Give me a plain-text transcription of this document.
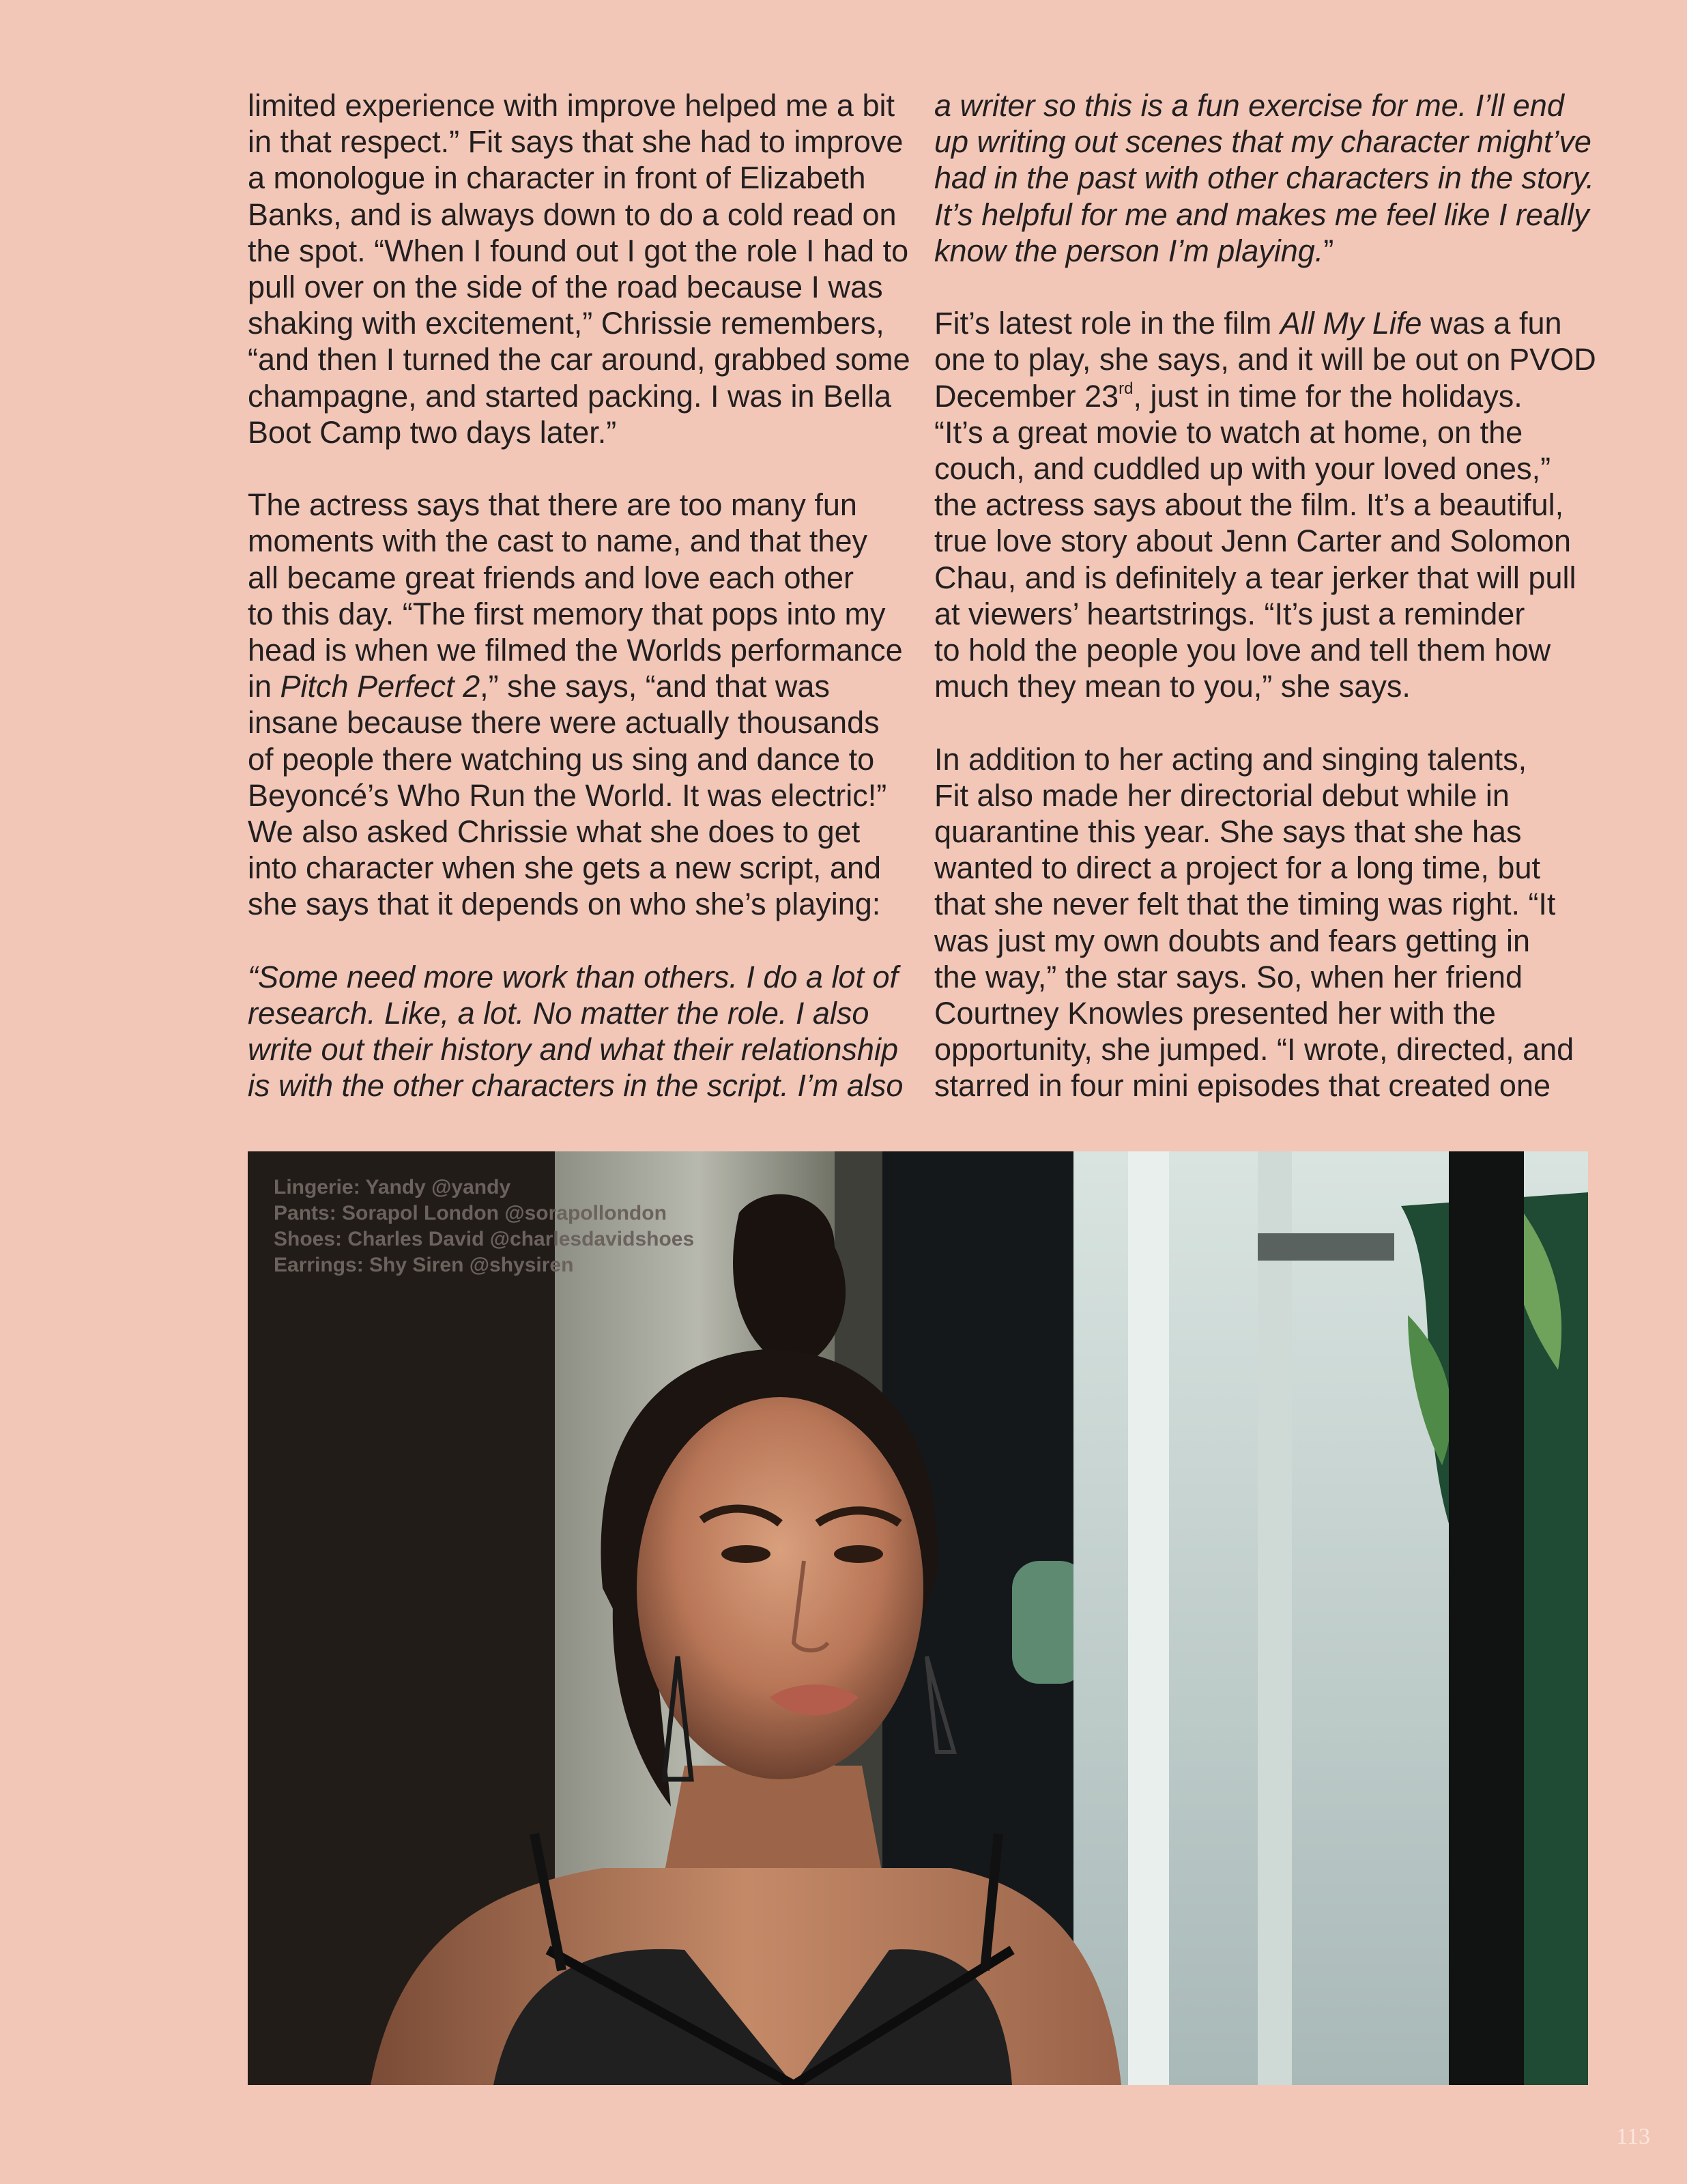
limited experience with improve helped me a bit
in that respect.” Fit says that she had to improve
a monologue in character in front of Elizabeth
Banks, and is always down to do a cold read on
the spot. “When I found out I got the role I had to
pull over on the side of the road because I was
shaking with excitement,” Chrissie remembers,
“and then I turned the car around, grabbed some
champagne, and started packing. I was in Bella
Boot Camp two days later.”

The actress says that there are too many fun
moments with the cast to name, and that they
all became great friends and love each other
to this day. “The first memory that pops into my
head is when we filmed the Worlds performance
in Pitch Perfect 2,” she says, “and that was
insane because there were actually thousands
of people there watching us sing and dance to
Beyoncé’s Who Run the World. It was electric!”
We also asked Chrissie what she does to get
into character when she gets a new script, and
she says that it depends on who she’s playing:

“Some need more work than others. I do a lot of
research. Like, a lot. No matter the role. I also
write out their history and what their relationship
is with the other characters in the script. I’m also

a writer so this is a fun exercise for me. I’ll end
up writing out scenes that my character might’ve
had in the past with other characters in the story.
It’s helpful for me and makes me feel like I really
know the person I’m playing.”

Fit’s latest role in the film All My Life was a fun
one to play, she says, and it will be out on PVOD
December 23rd, just in time for the holidays.
“It’s a great movie to watch at home, on the
couch, and cuddled up with your loved ones,”
the actress says about the film. It’s a beautiful,
true love story about Jenn Carter and Solomon
Chau, and is definitely a tear jerker that will pull
at viewers’ heartstrings. “It’s just a reminder
to hold the people you love and tell them how
much they mean to you,” she says.

In addition to her acting and singing talents,
Fit also made her directorial debut while in
quarantine this year. She says that she has
wanted to direct a project for a long time, but
that she never felt that the timing was right. “It
was just my own doubts and fears getting in
the way,” the star says. So, when her friend
Courtney Knowles presented her with the
opportunity, she jumped. “I wrote, directed, and
starred in four mini episodes that created one

Lingerie: Yandy @yandy
Pants: Sorapol London @sorapollondon
Shoes: Charles David @charlesdavidshoes
Earrings: Shy Siren @shysiren
113
